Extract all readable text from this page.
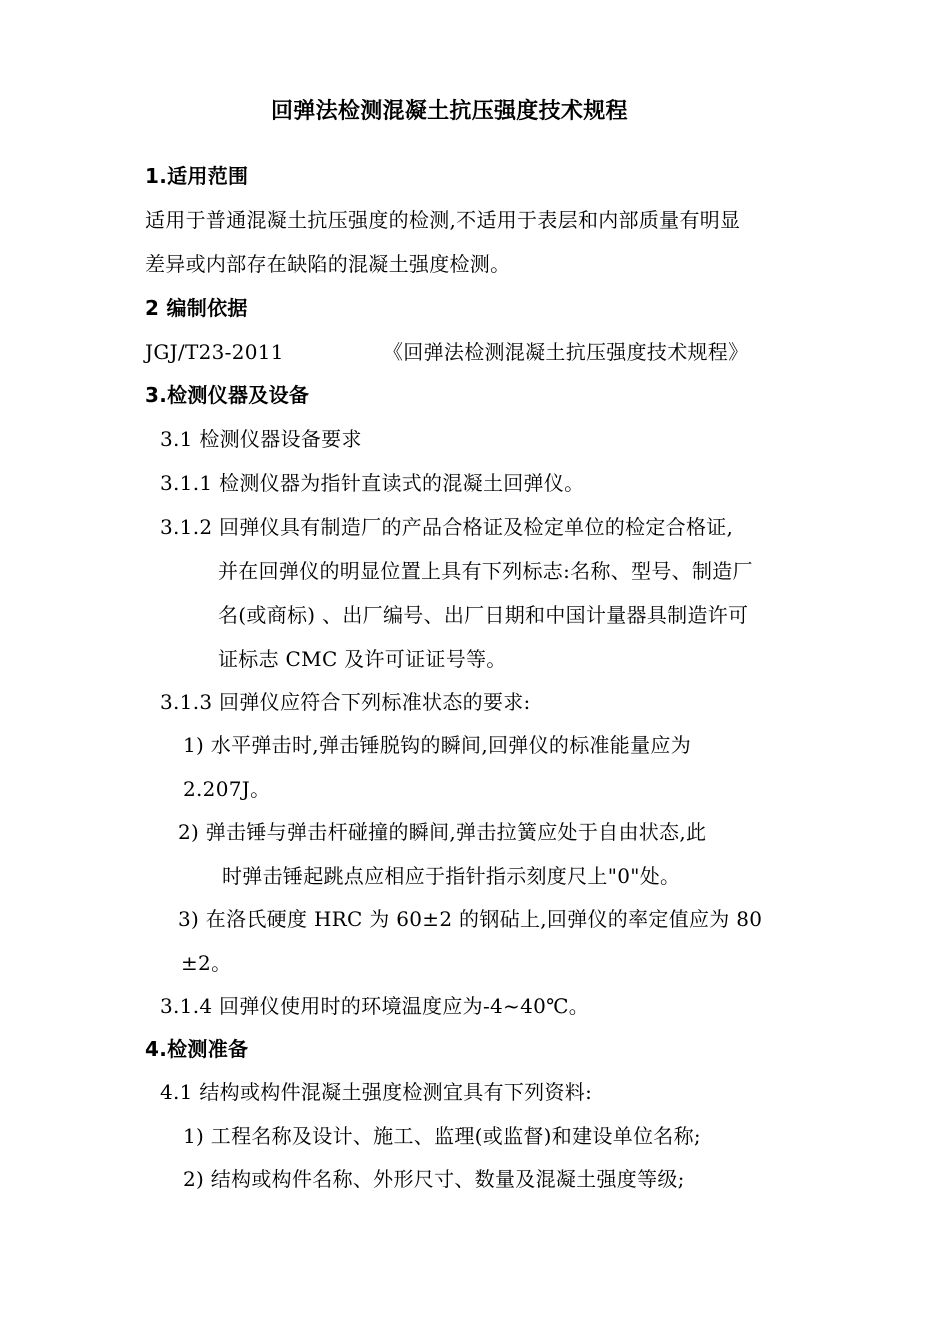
回弹法检测混凝土抗压强度技术规程
1.适用范围
适用于普通混凝土抗压强度的检测,不适用于表层和内部质量有明显
差异或内部存在缺陷的混凝土强度检测。
2 编制依据
JGJ/T23-2011	《回弹法检测混凝土抗压强度技术规程》
3.检测仪器及设备
3.1 检测仪器设备要求
3.1.1 检测仪器为指针直读式的混凝土回弹仪。
3.1.2 回弹仪具有制造厂的产品合格证及检定单位的检定合格证,
并在回弹仪的明显位置上具有下列标志:名称、型号、制造厂
名(或商标) 、出厂编号、出厂日期和中国计量器具制造许可
证标志 CMC 及许可证证号等。
3.1.3 回弹仪应符合下列标准状态的要求:
1) 水平弹击时,弹击锤脱钩的瞬间,回弹仪的标准能量应为
2.207J。
2) 弹击锤与弹击杆碰撞的瞬间,弹击拉簧应处于自由状态,此
时弹击锤起跳点应相应于指针指示刻度尺上"0"处。
3) 在洛氏硬度 HRC 为 60±2 的钢砧上,回弹仪的率定值应为 80
±2。
3.1.4 回弹仪使用时的环境温度应为-4~40℃。
4.检测准备
4.1 结构或构件混凝土强度检测宜具有下列资料:
1) 工程名称及设计、施工、监理(或监督)和建设单位名称;
2) 结构或构件名称、外形尺寸、数量及混凝土强度等级;
